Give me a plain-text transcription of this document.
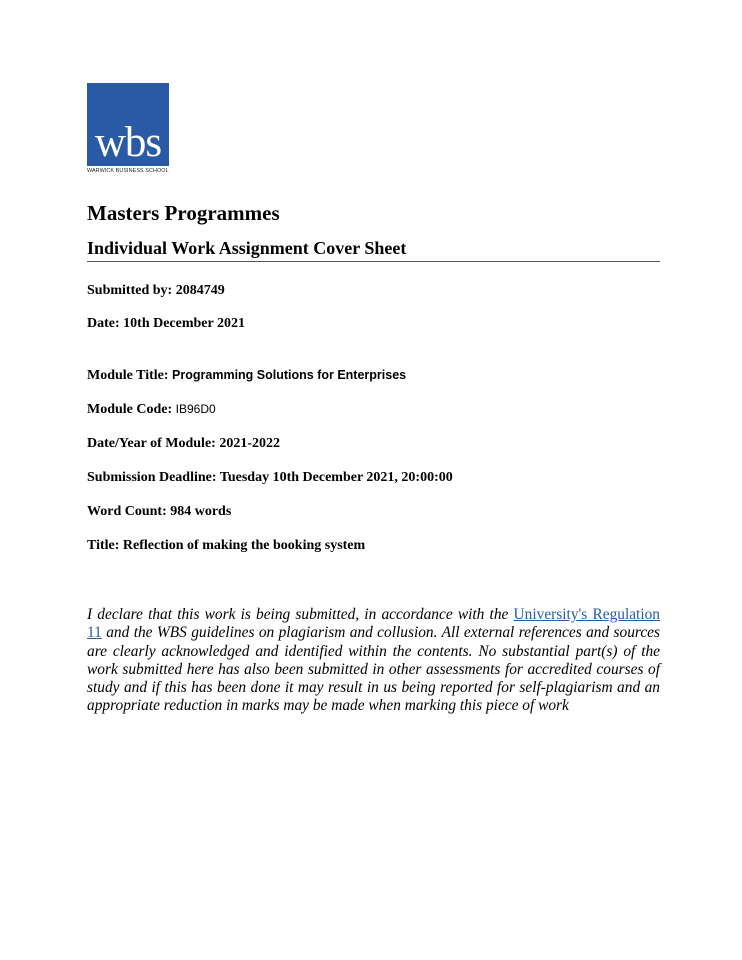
wbs
WARWICK BUSINESS SCHOOL
Masters Programmes
Individual Work Assignment Cover Sheet
Submitted by: 2084749
Date: 10th December 2021
Module Title: Programming Solutions for Enterprises
Module Code: IB96D0
Date/Year of Module: 2021-2022
Submission Deadline: Tuesday 10th December 2021, 20:00:00
Word Count: 984 words
Title: Reflection of making the booking system
I declare that this work is being submitted, in accordance with the University's Regulation 11 and the WBS guidelines on plagiarism and collusion. All external references and sources are clearly acknowledged and identified within the contents. No substantial part(s) of the work submitted here has also been submitted in other assessments for accredited courses of study and if this has been done it may result in us being reported for self-plagiarism and an appropriate reduction in marks may be made when marking this piece of work
